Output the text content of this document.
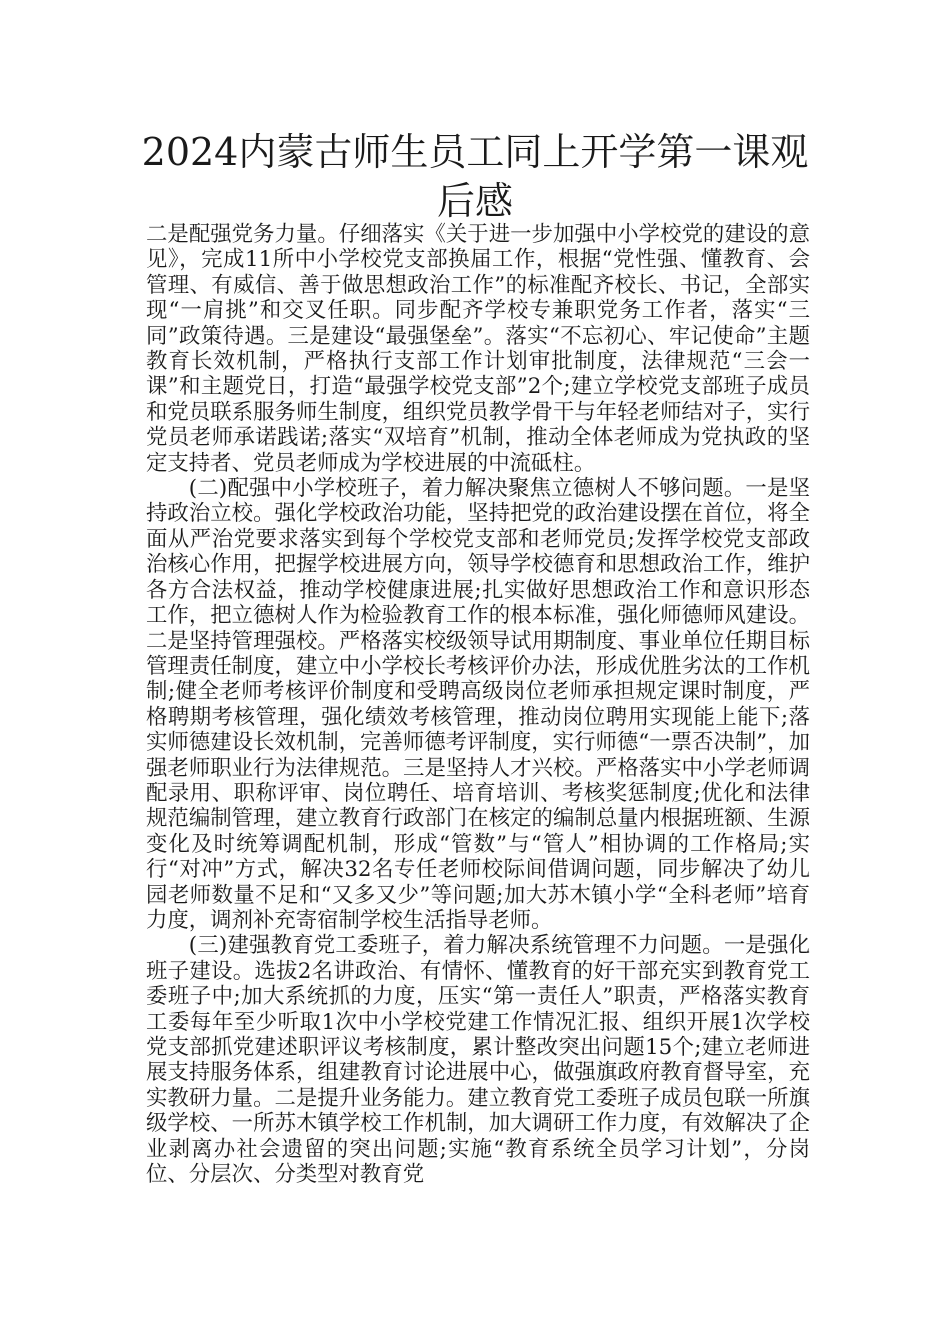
2024内蒙古师生员工同上开学第一课观后感

二是配强党务力量。仔细落实《关于进一步加强中小学校党的建设的意见》，完成11所中小学校党支部换届工作，根据“党性强、懂教育、会管理、有威信、善于做思想政治工作”的标准配齐校长、书记，全部实现“一肩挑”和交叉任职。同步配齐学校专兼职党务工作者，落实“三同”政策待遇。三是建设“最强堡垒”。落实“不忘初心、牢记使命”主题教育长效机制，严格执行支部工作计划审批制度，法律规范“三会一课”和主题党日，打造“最强学校党支部”2个;建立学校党支部班子成员和党员联系服务师生制度，组织党员教学骨干与年轻老师结对子，实行党员老师承诺践诺;落实“双培育”机制，推动全体老师成为党执政的坚定支持者、党员老师成为学校进展的中流砥柱。

(二)配强中小学校班子，着力解决聚焦立德树人不够问题。一是坚持政治立校。强化学校政治功能，坚持把党的政治建设摆在首位，将全面从严治党要求落实到每个学校党支部和老师党员;发挥学校党支部政治核心作用，把握学校进展方向，领导学校德育和思想政治工作，维护各方合法权益，推动学校健康进展;扎实做好思想政治工作和意识形态工作，把立德树人作为检验教育工作的根本标准，强化师德师风建设。二是坚持管理强校。严格落实校级领导试用期制度、事业单位任期目标管理责任制度，建立中小学校长考核评价办法，形成优胜劣汰的工作机制;健全老师考核评价制度和受聘高级岗位老师承担规定课时制度，严格聘期考核管理，强化绩效考核管理，推动岗位聘用实现能上能下;落实师德建设长效机制，完善师德考评制度，实行师德“一票否决制”，加强老师职业行为法律规范。三是坚持人才兴校。严格落实中小学老师调配录用、职称评审、岗位聘任、培育培训、考核奖惩制度;优化和法律规范编制管理，建立教育行政部门在核定的编制总量内根据班额、生源变化及时统筹调配机制，形成“管数”与“管人”相协调的工作格局;实行“对冲”方式，解决32名专任老师校际间借调问题，同步解决了幼儿园老师数量不足和“又多又少”等问题;加大苏木镇小学“全科老师”培育力度，调剂补充寄宿制学校生活指导老师。

(三)建强教育党工委班子，着力解决系统管理不力问题。一是强化班子建设。选拔2名讲政治、有情怀、懂教育的好干部充实到教育党工委班子中;加大系统抓的力度，压实“第一责任人”职责，严格落实教育工委每年至少听取1次中小学校党建工作情况汇报、组织开展1次学校党支部抓党建述职评议考核制度，累计整改突出问题15个;建立老师进展支持服务体系，组建教育讨论进展中心，做强旗政府教育督导室，充实教研力量。二是提升业务能力。建立教育党工委班子成员包联一所旗级学校、一所苏木镇学校工作机制，加大调研工作力度，有效解决了企业剥离办社会遗留的突出问题;实施“教育系统全员学习计划”，分岗位、分层次、分类型对教育党
